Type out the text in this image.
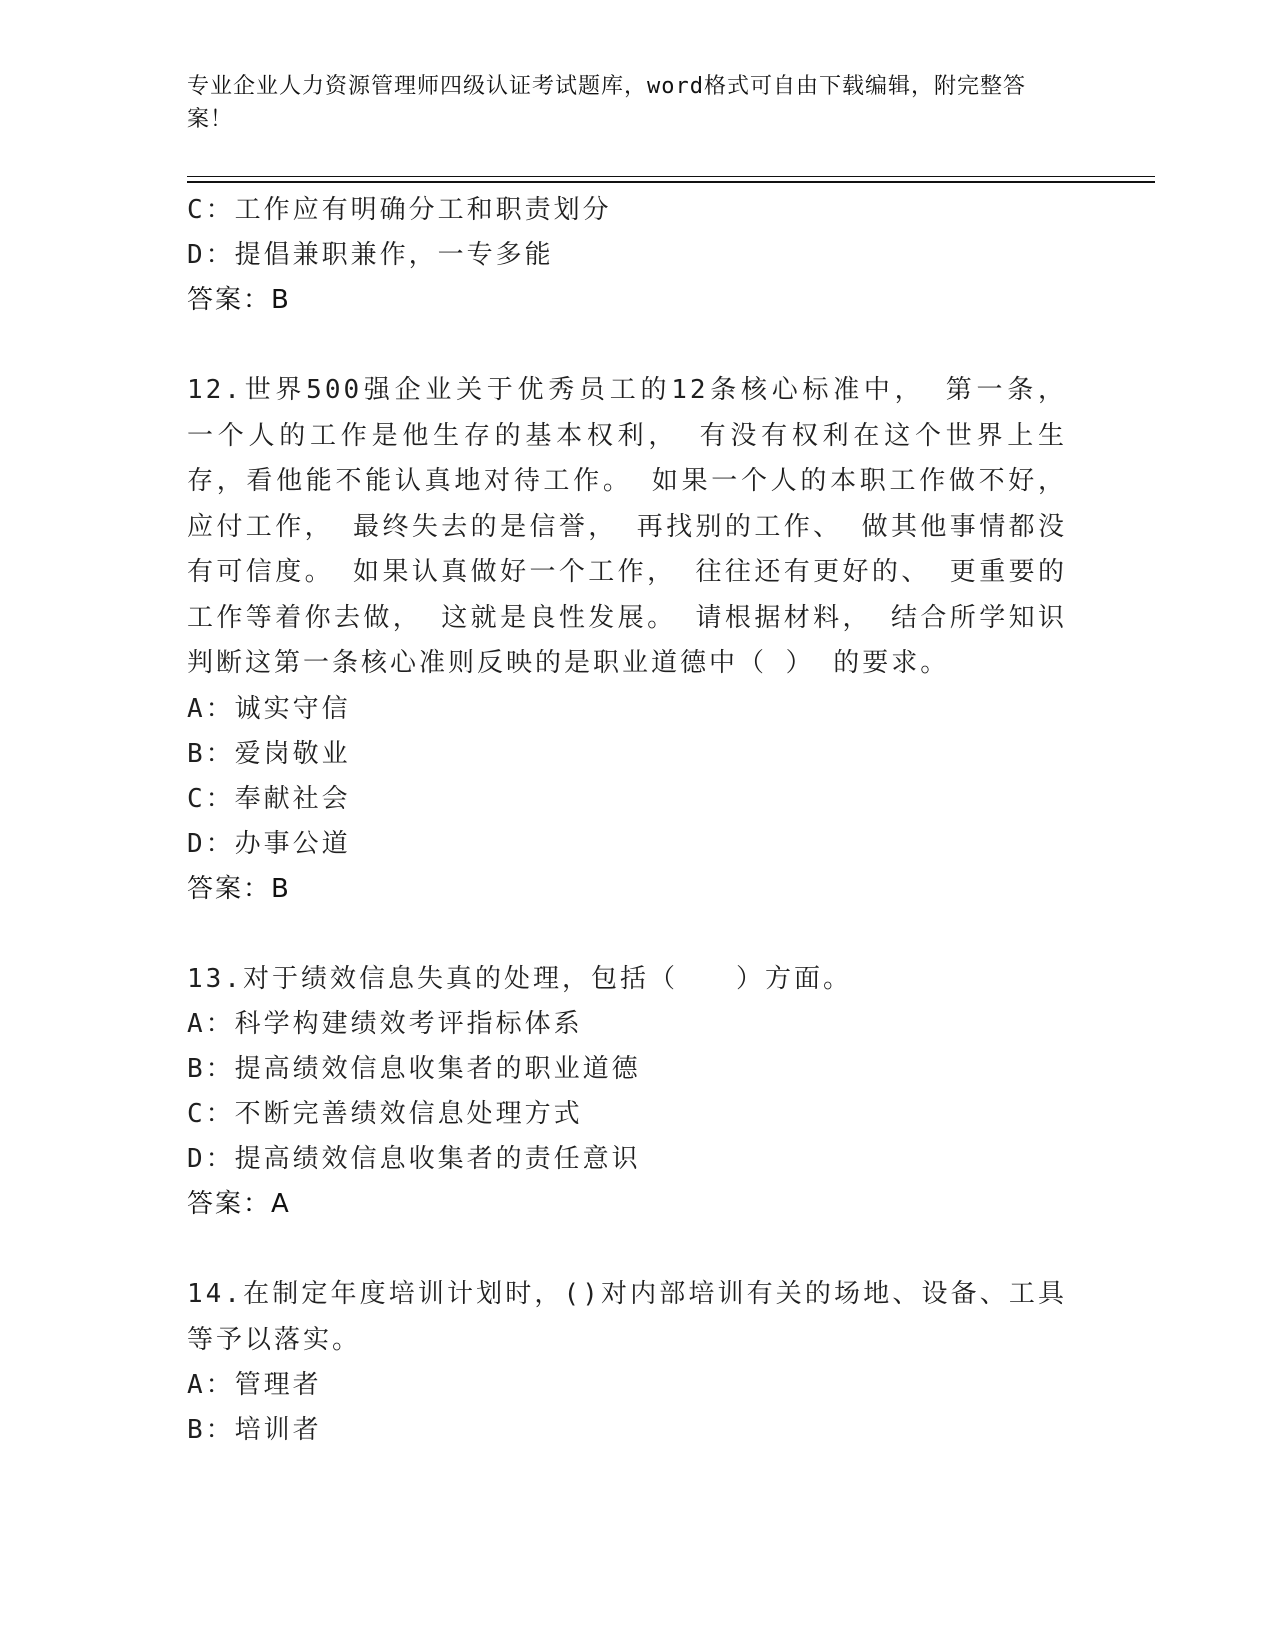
专业企业人力资源管理师四级认证考试题库，word格式可自由下载编辑，附完整答案！
C：工作应有明确分工和职责划分
D：提倡兼职兼作，一专多能
答案：B
12.世界500强企业关于优秀员工的12条核心标准中， 第一条， 一个人的工作是他生存的基本权利， 有没有权利在这个世界上生存，看他能不能认真地对待工作。 如果一个人的本职工作做不好， 应付工作， 最终失去的是信誉， 再找别的工作、 做其他事情都没有可信度。 如果认真做好一个工作， 往往还有更好的、 更重要的工作等着你去做， 这就是良性发展。 请根据材料， 结合所学知识判断这第一条核心准则反映的是职业道德中（ ） 的要求。
A：诚实守信
B：爱岗敬业
C：奉献社会
D：办事公道
答案：B
13.对于绩效信息失真的处理，包括（　　）方面。
A：科学构建绩效考评指标体系
B：提高绩效信息收集者的职业道德
C：不断完善绩效信息处理方式
D：提高绩效信息收集者的责任意识
答案：A
14.在制定年度培训计划时，()对内部培训有关的场地、设备、工具等予以落实。
A：管理者
B：培训者
